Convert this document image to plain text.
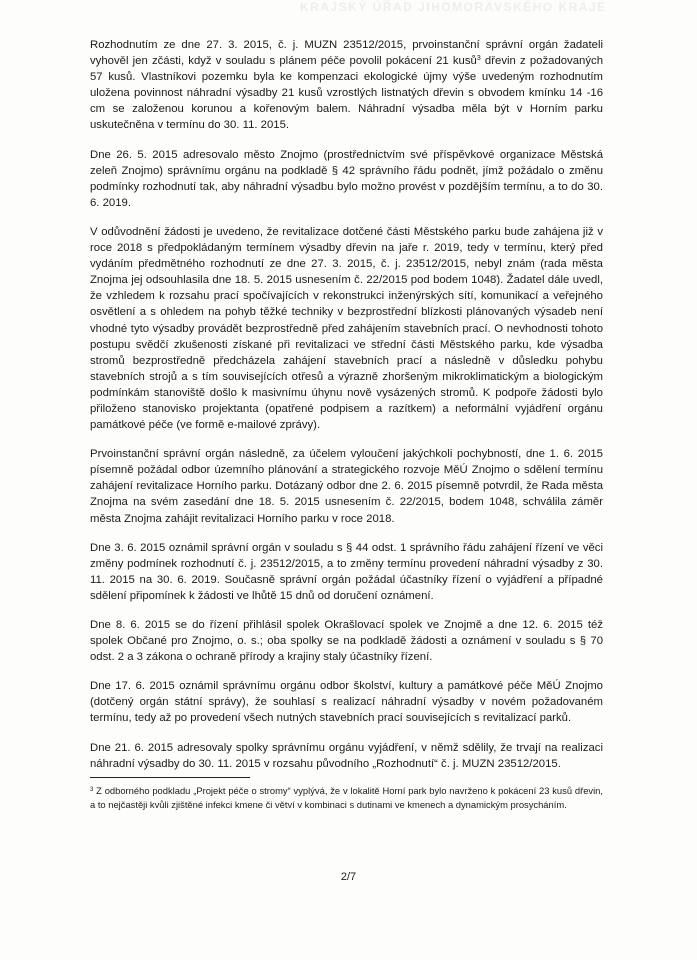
KRAJSKÝ ÚŘAD JIHOMORAVSKÉHO KRAJE

Rozhodnutím ze dne 27. 3. 2015, č. j. MUZN 23512/2015, prvoinstanční správní orgán žadateli vyhověl jen zčásti, když v souladu s plánem péče povolil pokácení 21 kusů$^3$ dřevin z požadovaných 57 kusů. Vlastníkovi pozemku byla ke kompenzaci ekologické újmy výše uvedeným rozhodnutím uložena povinnost náhradní výsadby 21 kusů vzrostlých listnatých dřevin s obvodem kmínku 14 -16 cm se založenou korunou a kořenovým balem. Náhradní výsadba měla být v Horním parku uskutečněna v termínu do 30. 11. 2015.

Dne 26. 5. 2015 adresovalo město Znojmo (prostřednictvím své příspěvkové organizace Městská zeleň Znojmo) správnímu orgánu na podkladě § 42 správního řádu podnět, jímž požádalo o změnu podmínky rozhodnutí tak, aby náhradní výsadbu bylo možno provést v pozdějším termínu, a to do 30. 6. 2019.

V odůvodnění žádosti je uvedeno, že revitalizace dotčené části Městského parku bude zahájena již v roce 2018 s předpokládaným termínem výsadby dřevin na jaře r. 2019, tedy v termínu, který před vydáním předmětného rozhodnutí ze dne 27. 3. 2015, č. j. 23512/2015, nebyl znám (rada města Znojma jej odsouhlasila dne 18. 5. 2015 usnesením č. 22/2015 pod bodem 1048). Žadatel dále uvedl, že vzhledem k rozsahu prací spočívajících v rekonstrukci inženýrských sítí, komunikací a veřejného osvětlení a s ohledem na pohyb těžké techniky v bezprostřední blízkosti plánovaných výsadeb není vhodné tyto výsadby provádět bezprostředně před zahájením stavebních prací. O nevhodnosti tohoto postupu svědčí zkušenosti získané při revitalizaci ve střední části Městského parku, kde výsadba stromů bezprostředně předcházela zahájení stavebních prací a následně v důsledku pohybu stavebních strojů a s tím souvisejících otřesů a výrazně zhoršeným mikroklimatickým a biologickým podmínkám stanoviště došlo k masivnímu úhynu nově vysázených stromů. K podpoře žádosti bylo přiloženo stanovisko projektanta (opatřené podpisem a razítkem) a neformální vyjádření orgánu památkové péče (ve formě e-mailové zprávy).

Prvoinstanční správní orgán následně, za účelem vyloučení jakýchkoli pochybností, dne 1. 6. 2015 písemně požádal odbor územního plánování a strategického rozvoje MěÚ Znojmo o sdělení termínu zahájení revitalizace Horního parku. Dotázaný odbor dne 2. 6. 2015 písemně potvrdil, že Rada města Znojma na svém zasedání dne 18. 5. 2015 usnesením č. 22/2015, bodem 1048, schválila záměr města Znojma zahájit revitalizaci Horního parku v roce 2018.

Dne 3. 6. 2015 oznámil správní orgán v souladu s § 44 odst. 1 správního řádu zahájení řízení ve věci změny podmínek rozhodnutí č. j. 23512/2015, a to změny termínu provedení náhradní výsadby z 30. 11. 2015 na 30. 6. 2019. Současně správní orgán požádal účastníky řízení o vyjádření a případné sdělení připomínek k žádosti ve lhůtě 15 dnů od doručení oznámení.

Dne 8. 6. 2015 se do řízení přihlásil spolek Okrašlovací spolek ve Znojmě a dne 12. 6. 2015 též spolek Občané pro Znojmo, o. s.; oba spolky se na podkladě žádosti a oznámení v souladu s § 70 odst. 2 a 3 zákona o ochraně přírody a krajiny staly účastníky řízení.

Dne 17. 6. 2015 oznámil správnímu orgánu odbor školství, kultury a památkové péče MěÚ Znojmo (dotčený orgán státní správy), že souhlasí s realizací náhradní výsadby v novém požadovaném termínu, tedy až po provedení všech nutných stavebních prací souvisejících s revitalizací parků.

Dne 21. 6. 2015 adresovaly spolky správnímu orgánu vyjádření, v němž sdělily, že trvají na realizaci náhradní výsadby do 30. 11. 2015 v rozsahu původního „Rozhodnutí“ č. j. MUZN 23512/2015.

$^3$ Z odborného podkladu „Projekt péče o stromy“ vyplývá, že v lokalitě Horní park bylo navrženo k pokácení 23 kusů dřevin, a to nejčastěji kvůli zjištěné infekci kmene či větví v kombinaci s dutinami ve kmenech a dynamickým prosycháním.

2/7
